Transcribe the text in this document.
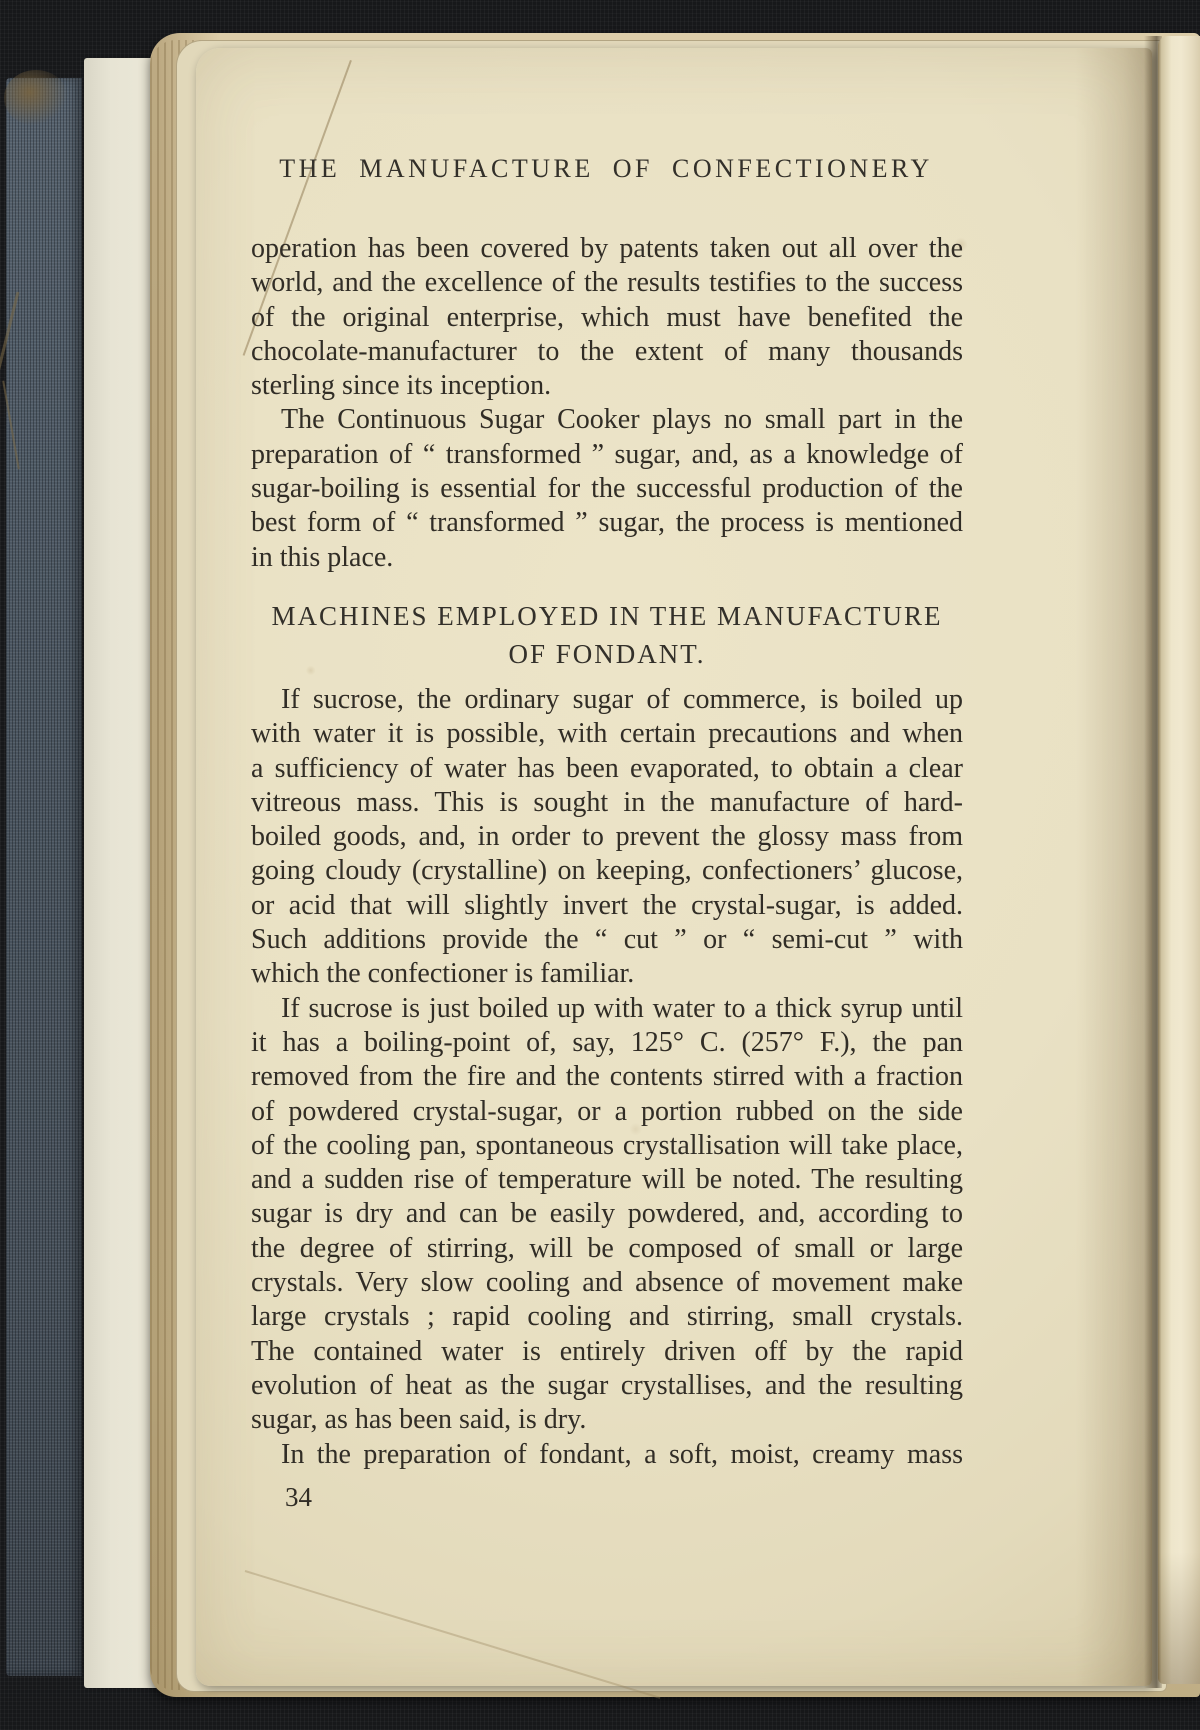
THE MANUFACTURE OF CONFECTIONERY
operation has been covered by patents taken out all over the
world, and the excellence of the results testifies to the success
of the original enterprise, which must have benefited the
chocolate-manufacturer to the extent of many thousands
sterling since its inception.
The Continuous Sugar Cooker plays no small part in the
preparation of “ transformed ” sugar, and, as a knowledge of
sugar-boiling is essential for the successful production of the
best form of “ transformed ” sugar, the process is mentioned
in this place.
MACHINES EMPLOYED IN THE MANUFACTURE
OF FONDANT.
If sucrose, the ordinary sugar of commerce, is boiled up
with water it is possible, with certain precautions and when
a sufficiency of water has been evaporated, to obtain a clear
vitreous mass. This is sought in the manufacture of hard-
boiled goods, and, in order to prevent the glossy mass from
going cloudy (crystalline) on keeping, confectioners’ glucose,
or acid that will slightly invert the crystal-sugar, is added.
Such additions provide the “ cut ” or “ semi-cut ” with
which the confectioner is familiar.
If sucrose is just boiled up with water to a thick syrup until
it has a boiling-point of, say, 125° C. (257° F.), the pan
removed from the fire and the contents stirred with a fraction
of powdered crystal-sugar, or a portion rubbed on the side
of the cooling pan, spontaneous crystallisation will take place,
and a sudden rise of temperature will be noted. The resulting
sugar is dry and can be easily powdered, and, according to
the degree of stirring, will be composed of small or large
crystals. Very slow cooling and absence of movement make
large crystals ; rapid cooling and stirring, small crystals.
The contained water is entirely driven off by the rapid
evolution of heat as the sugar crystallises, and the resulting
sugar, as has been said, is dry.
In the preparation of fondant, a soft, moist, creamy mass
34
